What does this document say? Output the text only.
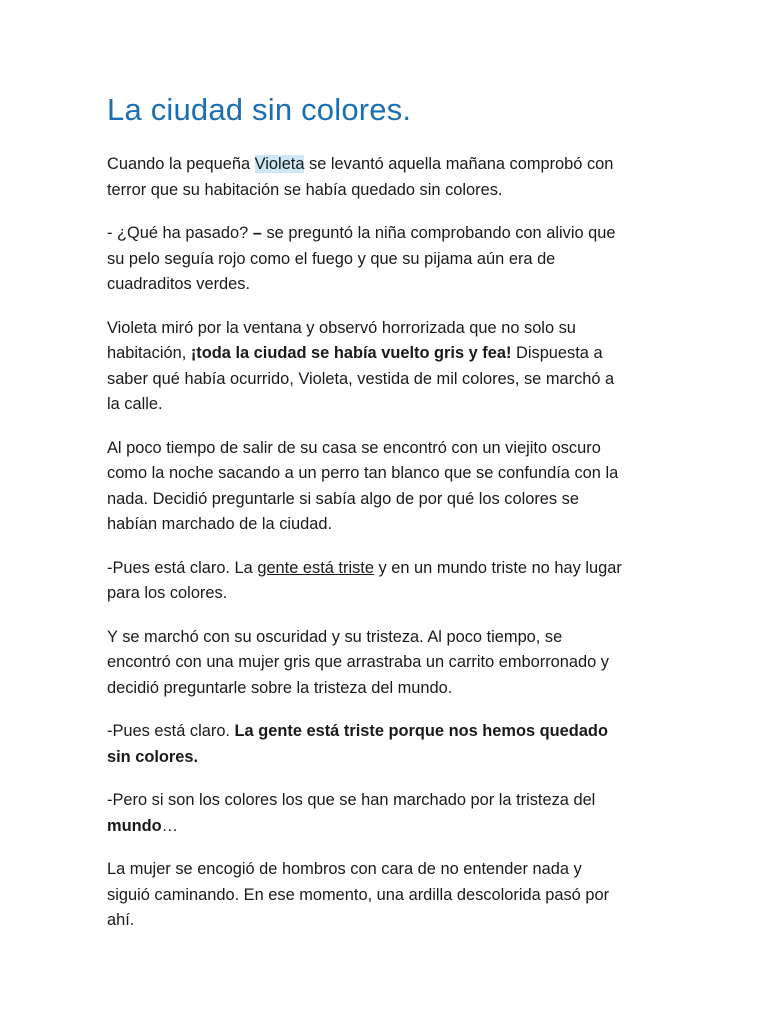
La ciudad sin colores.

Cuando la pequeña Violeta se levantó aquella mañana comprobó con
terror que su habitación se había quedado sin colores.

- ¿Qué ha pasado? – se preguntó la niña comprobando con alivio que
su pelo seguía rojo como el fuego y que su pijama aún era de
cuadraditos verdes.

Violeta miró por la ventana y observó horrorizada que no solo su
habitación, ¡toda la ciudad se había vuelto gris y fea! Dispuesta a
saber qué había ocurrido, Violeta, vestida de mil colores, se marchó a
la calle.

Al poco tiempo de salir de su casa se encontró con un viejito oscuro
como la noche sacando a un perro tan blanco que se confundía con la
nada. Decidió preguntarle si sabía algo de por qué los colores se
habían marchado de la ciudad.

-Pues está claro. La gente está triste y en un mundo triste no hay lugar
para los colores.

Y se marchó con su oscuridad y su tristeza. Al poco tiempo, se
encontró con una mujer gris que arrastraba un carrito emborronado y
decidió preguntarle sobre la tristeza del mundo.

-Pues está claro. La gente está triste porque nos hemos quedado
sin colores.

-Pero si son los colores los que se han marchado por la tristeza del
mundo…

La mujer se encogió de hombros con cara de no entender nada y
siguió caminando. En ese momento, una ardilla descolorida pasó por
ahí.
